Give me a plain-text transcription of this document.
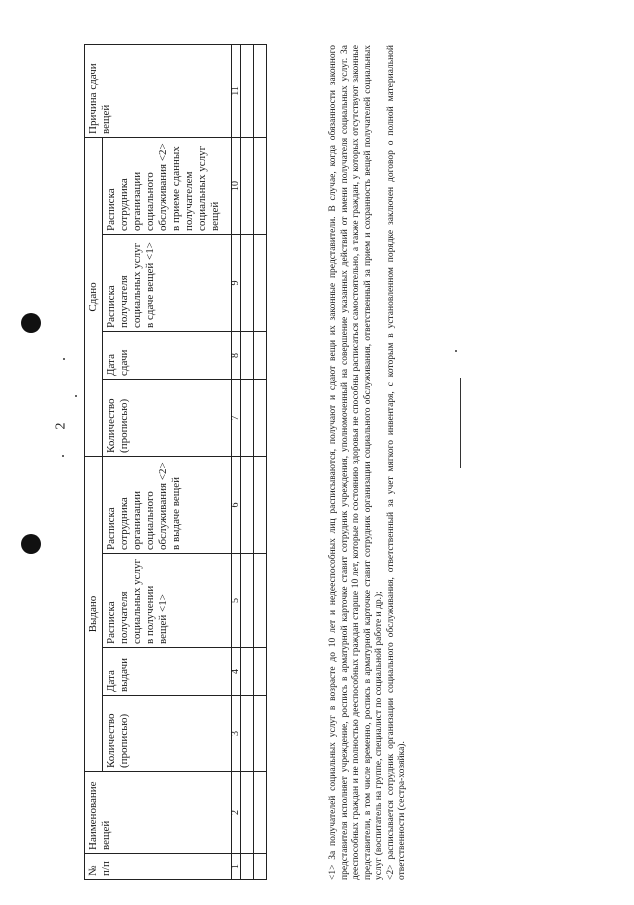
2
№ п/п	Наименование вещей	Выдано				Сдано				Причина сдачи вещей
		Количество (прописью)	Дата выдачи	Расписка получателя социальных услуг в получении вещей <1>	Расписка сотрудника организации социального обслуживания <2> в выдаче вещей	Количество (прописью)	Дата сдачи	Расписка получателя социальных услуг в сдаче вещей <1>	Расписка сотрудника организации социального обслуживания <2> в приеме сданных получателем социальных услуг вещей	
1	2	3	4	5	6	7	8	9	10	11

											<1> За получателей социальных услуг в возрасте до 10 лет и недееспособных лиц расписываются, получают и сдают вещи их законные представители. В случае, когда обязанности законного представителя исполняет учреждение, роспись в арматурной карточке ставит сотрудник учреждения, уполномоченный на совершение указанных действий от имени получателя социальных услуг. За дееспособных граждан и не полностью дееспособных граждан старше 10 лет, которые по состоянию здоровья не способны расписаться самостоятельно, а также граждан, у которых отсутствуют законные представители, в том числе временно, роспись в арматурной карточке ставит сотрудник организации социального обслуживания, ответственный за прием и сохранность вещей получателей социальных услуг (воспитатель на группе, специалист по социальной работе и др.); <2> расписывается сотрудник организации социального обслуживания, ответственный за учет мягкого инвентаря, с которым в установленном порядке заключен договор о полной материальной ответственности (сестра-хозяйка).
